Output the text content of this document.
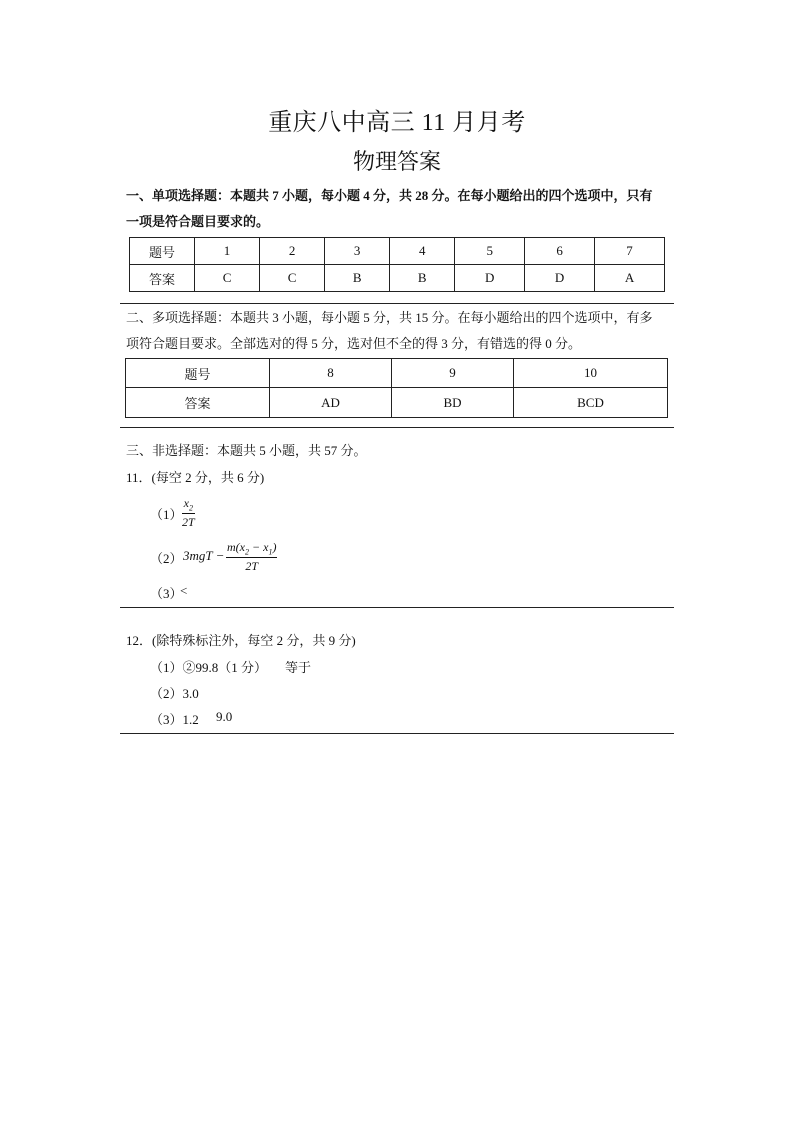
重庆八中高三 11 月月考
物理答案
一、单项选择题：本题共 7 小题，每小题 4 分，共 28 分。在每小题给出的四个选项中，只有
一项是符合题目要求的。
题号	1	2	3	4	5	6	7
答案	C	C	B	B	D	D	A
二、多项选择题：本题共 3 小题，每小题 5 分，共 15 分。在每小题给出的四个选项中，有多
项符合题目要求。全部选对的得 5 分，选对但不全的得 3 分，有错选的得 0 分。
题号	8	9	10
答案	AD	BD	BCD
三、非选择题：本题共 5 小题，共 57 分。
11．(每空 2 分，共 6 分)
$(1) \frac{x_2}{2T}$
（2） $3mgT - \frac{m(x_2 - x_1)}{2T}$
（3）
<
12．(除特殊标注外，每空 2 分，共 9 分)
（1）②99.8（1 分） 等于
（2）3.0
（3）1.2 9.0
